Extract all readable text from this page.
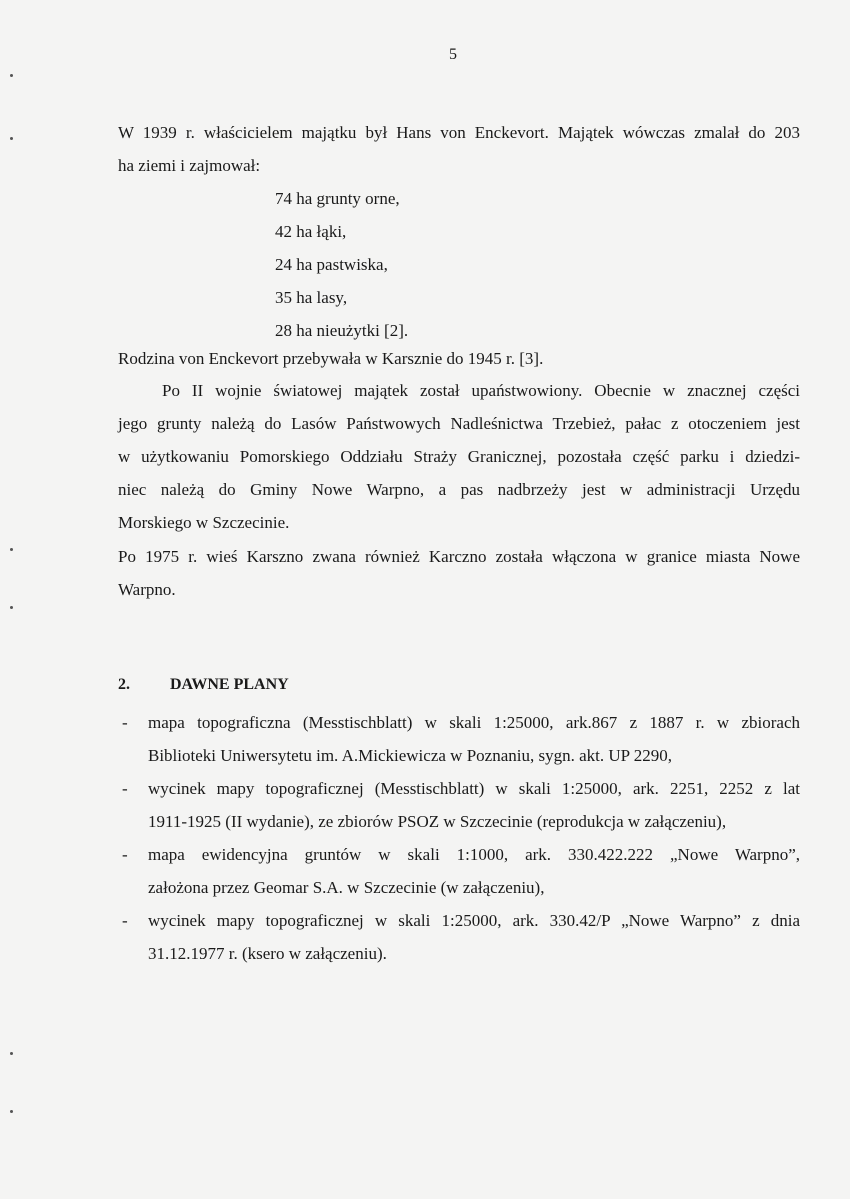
5
W 1939 r. właścicielem majątku był Hans von Enckevort. Majątek wówczas zmalał do 203
ha ziemi i zajmował:
74 ha grunty orne,
42 ha łąki,
24 ha pastwiska,
35 ha lasy,
28 ha nieużytki [2].
Rodzina von Enckevort przebywała w Karsznie do 1945 r. [3].
Po II wojnie światowej majątek został upaństwowiony. Obecnie w znacznej części
jego grunty należą do Lasów Państwowych Nadleśnictwa Trzebież, pałac z otoczeniem jest
w użytkowaniu Pomorskiego Oddziału Straży Granicznej, pozostała część parku i dziedzi-
niec należą do Gminy Nowe Warpno, a pas nadbrzeży jest w administracji Urzędu
Morskiego w Szczecinie.
Po 1975 r. wieś Karszno zwana również Karczno została włączona w granice miasta Nowe
Warpno.
2.	DAWNE PLANY
- mapa topograficzna (Messtischblatt) w skali 1:25000, ark.867 z 1887 r. w zbiorach
Biblioteki Uniwersytetu im. A.Mickiewicza w Poznaniu, sygn. akt. UP 2290,
- wycinek mapy topograficznej (Messtischblatt) w skali 1:25000, ark. 2251, 2252 z lat
1911-1925 (II wydanie), ze zbiorów PSOZ w Szczecinie (reprodukcja w załączeniu),
- mapa ewidencyjna gruntów w skali 1:1000, ark. 330.422.222 „Nowe Warpno”,
założona przez Geomar S.A. w Szczecinie (w załączeniu),
- wycinek mapy topograficznej w skali 1:25000, ark. 330.42/P „Nowe Warpno” z dnia
31.12.1977 r. (ksero w załączeniu).
